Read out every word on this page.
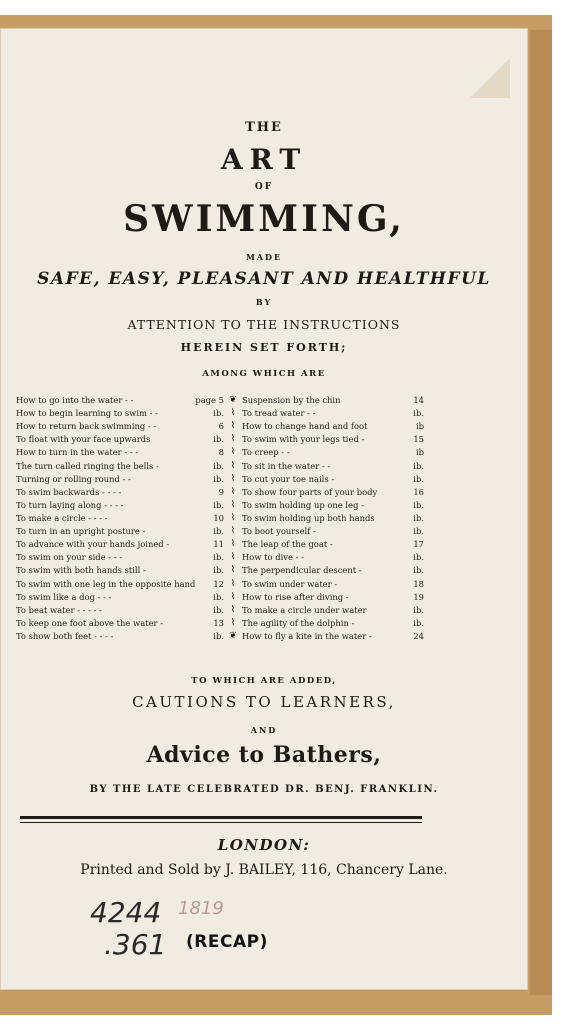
THE
ART
OF
SWIMMING,
MADE
SAFE, EASY, PLEASANT AND HEALTHFUL
BY
ATTENTION TO THE INSTRUCTIONS
HEREIN SET FORTH;
AMONG WHICH ARE
How to go into the water - -	page 5 ❦ Suspension by the chin	14
How to begin learning to swim - -	ib. ⌇ To tread water - -	ib.
How to return back swimming - -	6 ⌇ How to change hand and foot	ib
To float with your face upwards	ib. ⌇ To swim with your legs tied -	15
How to turn in the water - - -	8 ⌇ To creep - -	ib
The turn called ringing the bells -	ib. ⌇ To sit in the water - -	ib.
Turning or rolling round - -	ib. ⌇ To cut your toe nails -	ib.
To swim backwards - - - -	9 ⌇ To show four parts of your body	16
To turn laying along - - - -	ib. ⌇ To swim holding up one leg -	ib.
To make a circle - - - -	10 ⌇ To swim holding up both hands	ib.
To turn in an upright posture -	ib. ⌇ To boot yourself -	ib.
To advance with your hands joined -	11 ⌇ The leap of the goat -	17
To swim on your side - - -	ib. ⌇ How to dive - -	ib.
To swim with both hands still -	ib. ⌇ The perpendicular descent -	ib.
To swim with one leg in the opposite hand	12 ⌇ To swim under water -	18
To swim like a dog - - -	ib. ⌇ How to rise after diving -	19
To beat water - - - - -	ib. ⌇ To make a circle under water	ib.
To keep one foot above the water -	13 ⌇ The agility of the dolphin -	ib.
To show both feet - - - -	ib. ❦ How to fly a kite in the water -	24
TO WHICH ARE ADDED,
CAUTIONS TO LEARNERS,
AND
Advice to Bathers,
BY THE LATE CELEBRATED DR. BENJ. FRANKLIN.
LONDON:
Printed and Sold by J. BAILEY, 116, Chancery Lane.
4244 1819
.361 (RECAP)
